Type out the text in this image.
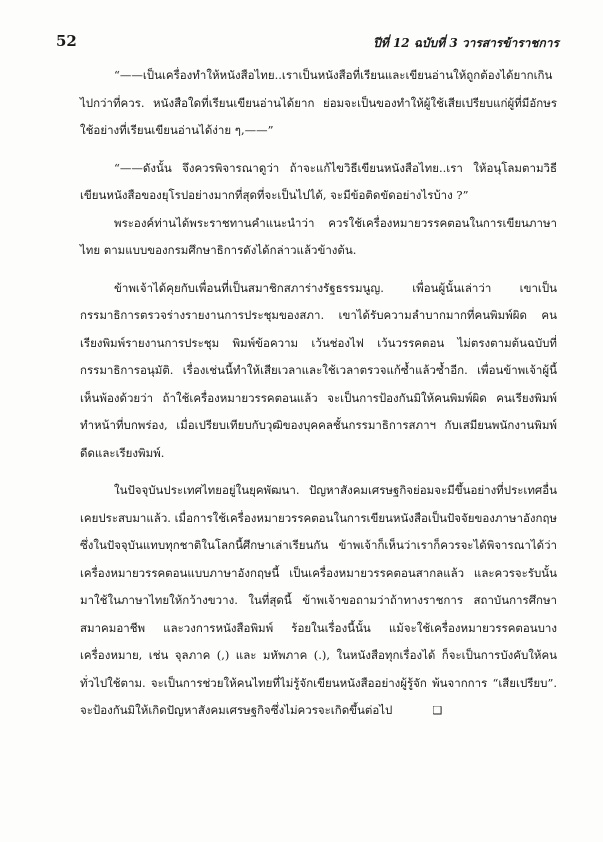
52	ปีที่ 12 ฉบับที่ 3 วารสารข้าราชการ

“——เป็นเครื่องทำให้หนังสือไทย..เราเป็นหนังสือที่เรียนและเขียนอ่านให้ถูกต้องได้ยากเกินไปกว่าที่ควร. หนังสือใดที่เรียนเขียนอ่านได้ยาก ย่อมจะเป็นของทำให้ผู้ใช้เสียเปรียบแก่ผู้ที่มีอักษรใช้อย่างที่เรียนเขียนอ่านได้ง่าย ๆ,——”

“——ดังนั้น จึงควรพิจารณาดูว่า ถ้าจะแก้ไขวิธีเขียนหนังสือไทย..เรา ให้อนุโลมตามวิธีเขียนหนังสือของยุโรปอย่างมากที่สุดที่จะเป็นไปได้, จะมีข้อติดขัดอย่างไรบ้าง ?”

พระองค์ท่านได้พระราชทานคำแนะนำว่า ควรใช้เครื่องหมายวรรคตอนในการเขียนภาษาไทย ตามแบบของกรมศึกษาธิการดังได้กล่าวแล้วข้างต้น.

ข้าพเจ้าได้คุยกับเพื่อนที่เป็นสมาชิกสภาร่างรัฐธรรมนูญ. เพื่อนผู้นั้นเล่าว่า เขาเป็นกรรมาธิการตรวจร่างรายงานการประชุมของสภา. เขาได้รับความลำบากมากที่คนพิมพ์ผิด คนเรียงพิมพ์รายงานการประชุม พิมพ์ข้อความ เว้นช่องไฟ เว้นวรรคตอน ไม่ตรงตามต้นฉบับที่กรรมาธิการอนุมัติ. เรื่องเช่นนี้ทำให้เสียเวลาและใช้เวลาตรวจแก้ซ้ำแล้วซ้ำอีก. เพื่อนข้าพเจ้าผู้นี้เห็นพ้องด้วยว่า ถ้าใช้เครื่องหมายวรรคตอนแล้ว จะเป็นการป้องกันมิให้คนพิมพ์ผิด คนเรียงพิมพ์ ทำหน้าที่บกพร่อง, เมื่อเปรียบเทียบกับวุฒิของบุคคลชั้นกรรมาธิการสภาฯ กับเสมียนพนักงานพิมพ์ดีดและเรียงพิมพ์.

ในปัจจุบันประเทศไทยอยู่ในยุคพัฒนา. ปัญหาสังคมเศรษฐกิจย่อมจะมีขึ้นอย่างที่ประเทศอื่นเคยประสบมาแล้ว. เมื่อการใช้เครื่องหมายวรรคตอนในการเขียนหนังสือเป็นปัจจัยของภาษาอังกฤษ ซึ่งในปัจจุบันแทบทุกชาติในโลกนี้ศึกษาเล่าเรียนกัน ข้าพเจ้าก็เห็นว่าเราก็ควรจะได้พิจารณาได้ว่า เครื่องหมายวรรคตอนแบบภาษาอังกฤษนี้ เป็นเครื่องหมายวรรคตอนสากลแล้ว และควรจะรับนั้นมาใช้ในภาษาไทยให้กว้างขวาง. ในที่สุดนี้ ข้าพเจ้าขอถามว่าถ้าทางราชการ สถาบันการศึกษา สมาคมอาชีพ และวงการหนังสือพิมพ์ ร้อยในเรื่องนี้นั้น แม้จะใช้เครื่องหมายวรรคตอนบางเครื่องหมาย, เช่น จุลภาค (,) และ มหัพภาค (.), ในหนังสือทุกเรื่องได้ ก็จะเป็นการบังคับให้คนทั่วไปใช้ตาม. จะเป็นการช่วยให้คนไทยที่ไม่รู้จักเขียนหนังสืออย่างผู้รู้จัก พ้นจากการ “เสียเปรียบ”. จะป้องกันมิให้เกิดปัญหาสังคมเศรษฐกิจซึ่งไม่ควรจะเกิดขึ้นต่อไป	❑
